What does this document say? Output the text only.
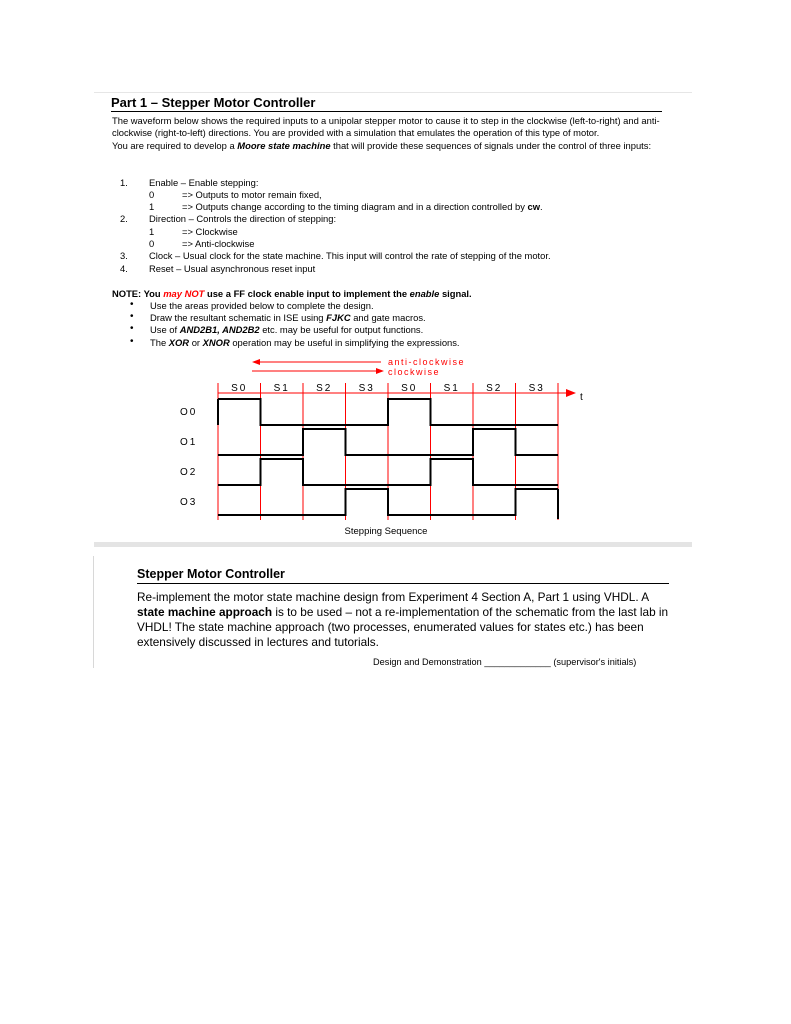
Part 1 – Stepper Motor Controller
The waveform below shows the required inputs to a unipolar stepper motor to cause it to step in the clockwise (left-to-right) and anti-clockwise (right-to-left) directions. You are provided with a simulation that emulates the operation of this type of motor.
You are required to develop a Moore state machine that will provide these sequences of signals under the control of three inputs:
1. Enable – Enable stepping:
0	=> Outputs to motor remain fixed,
1	=> Outputs change according to the timing diagram and in a direction controlled by cw.
2. Direction – Controls the direction of stepping:
1	=> Clockwise
0	=> Anti-clockwise
3. Clock – Usual clock for the state machine. This input will control the rate of stepping of the motor.
4. Reset – Usual asynchronous reset input
NOTE: You may NOT use a FF clock enable input to implement the enable signal.
• Use the areas provided below to complete the design.
• Draw the resultant schematic in ISE using FJKC and gate macros.
• Use of AND2B1, AND2B2 etc. may be useful for output functions.
• The XOR or XNOR operation may be useful in simplifying the expressions.
anti-clockwise
clockwise
t
S0	S1	S2	S3	S0	S1	S2	S3
O0
O1
O2
O3
Stepping Sequence
Stepper Motor Controller
Re-implement the motor state machine design from Experiment 4 Section A, Part 1 using VHDL. A state machine approach is to be used – not a re-implementation of the schematic from the last lab in VHDL! The state machine approach (two processes, enumerated values for states etc.) has been extensively discussed in lectures and tutorials.
Design and Demonstration _____________ (supervisor's initials)
